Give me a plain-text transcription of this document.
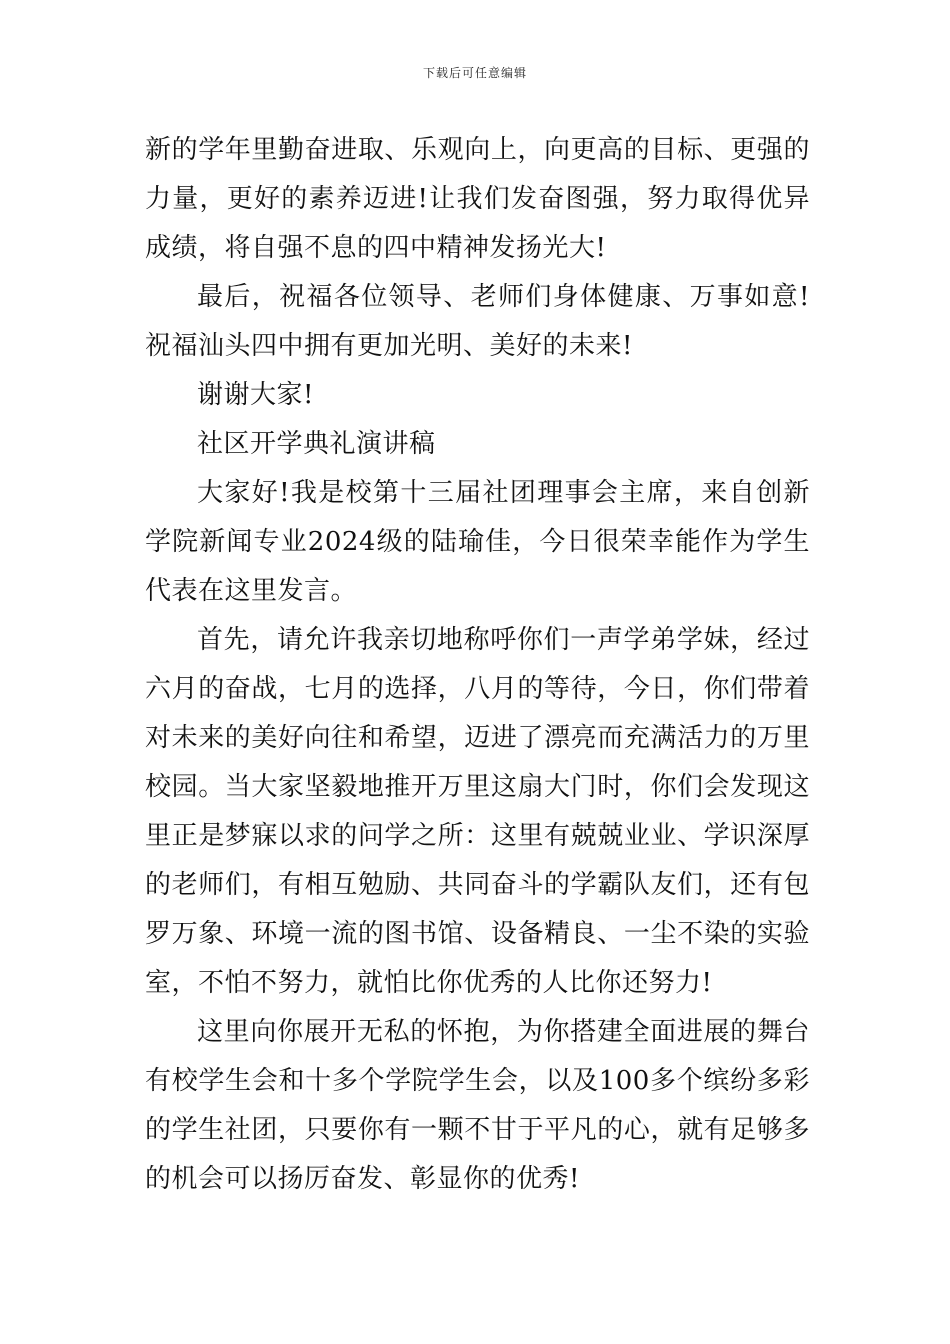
下载后可任意编辑

新的学年里勤奋进取、乐观向上，向更高的目标、更强的力量，更好的素养迈进!让我们发奋图强，努力取得优异成绩，将自强不息的四中精神发扬光大!

最后，祝福各位领导、老师们身体健康、万事如意!祝福汕头四中拥有更加光明、美好的未来!

谢谢大家!

社区开学典礼演讲稿

大家好!我是校第十三届社团理事会主席，来自创新学院新闻专业2024级的陆瑜佳，今日很荣幸能作为学生代表在这里发言。

首先，请允许我亲切地称呼你们一声学弟学妹，经过六月的奋战，七月的选择，八月的等待，今日，你们带着对未来的美好向往和希望，迈进了漂亮而充满活力的万里校园。当大家坚毅地推开万里这扇大门时，你们会发现这里正是梦寐以求的问学之所：这里有兢兢业业、学识深厚的老师们，有相互勉励、共同奋斗的学霸队友们，还有包罗万象、环境一流的图书馆、设备精良、一尘不染的实验室，不怕不努力，就怕比你优秀的人比你还努力!

这里向你展开无私的怀抱，为你搭建全面进展的舞台有校学生会和十多个学院学生会，以及100多个缤纷多彩的学生社团，只要你有一颗不甘于平凡的心，就有足够多的机会可以扬厉奋发、彰显你的优秀!
